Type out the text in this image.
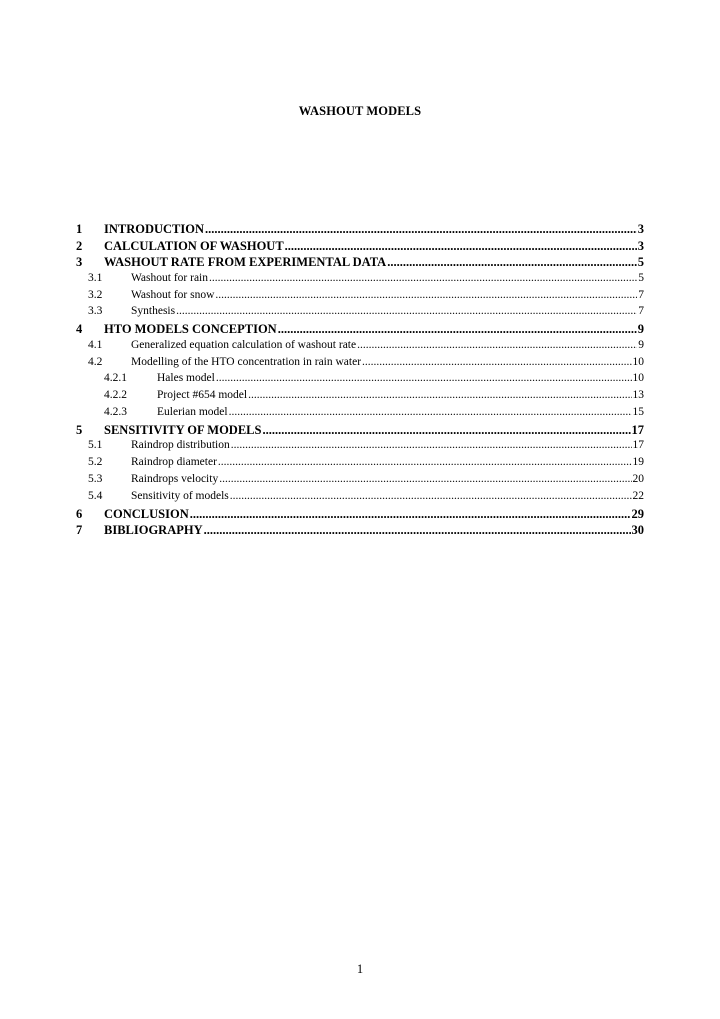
WASHOUT MODELS
1	INTRODUCTION .....	3
2	CALCULATION OF WASHOUT .....	3
3	WASHOUT RATE FROM EXPERIMENTAL DATA .....	5
3.1	Washout for rain .....	5
3.2	Washout for snow .....	7
3.3	Synthesis .....	7
4	HTO MODELS CONCEPTION .....	9
4.1	Generalized equation calculation of washout rate .....	9
4.2	Modelling of the HTO concentration in rain water .....	10
4.2.1	Hales model .....	10
4.2.2	Project #654 model .....	13
4.2.3	Eulerian model .....	15
5	SENSITIVITY OF MODELS .....	17
5.1	Raindrop distribution .....	17
5.2	Raindrop diameter .....	19
5.3	Raindrops velocity .....	20
5.4	Sensitivity of models .....	22
6	CONCLUSION .....	29
7	BIBLIOGRAPHY .....	30
1
